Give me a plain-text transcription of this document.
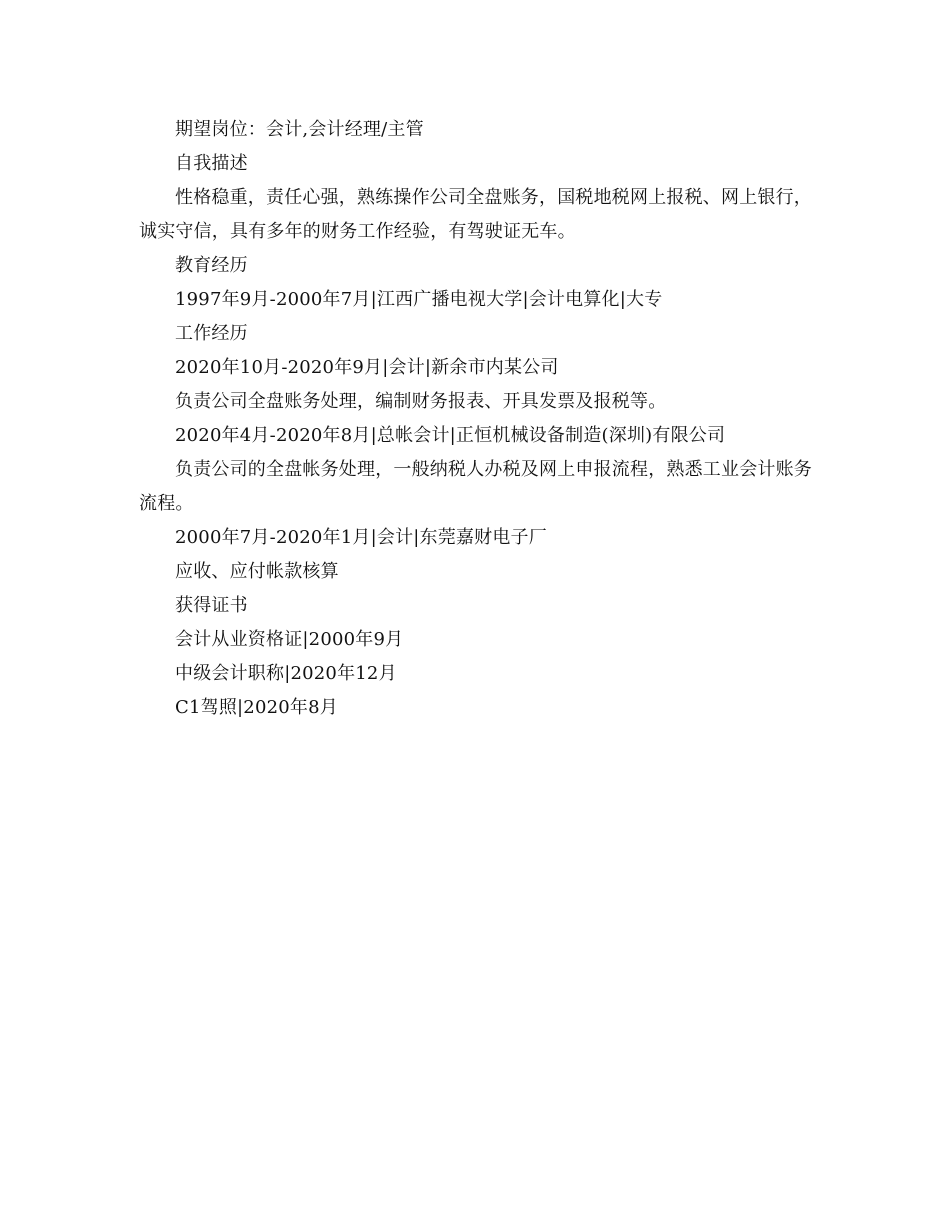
期望岗位：会计,会计经理/主管

自我描述

性格稳重，责任心强，熟练操作公司全盘账务，国税地税网上报税、网上银行，诚实守信，具有多年的财务工作经验，有驾驶证无车。

教育经历

1997年9月-2000年7月|江西广播电视大学|会计电算化|大专

工作经历

2020年10月-2020年9月|会计|新余市内某公司

负责公司全盘账务处理，编制财务报表、开具发票及报税等。

2020年4月-2020年8月|总帐会计|正恒机械设备制造(深圳)有限公司

负责公司的全盘帐务处理，一般纳税人办税及网上申报流程，熟悉工业会计账务流程。

2000年7月-2020年1月|会计|东莞嘉财电子厂

应收、应付帐款核算

获得证书

会计从业资格证|2000年9月

中级会计职称|2020年12月

C1驾照|2020年8月
